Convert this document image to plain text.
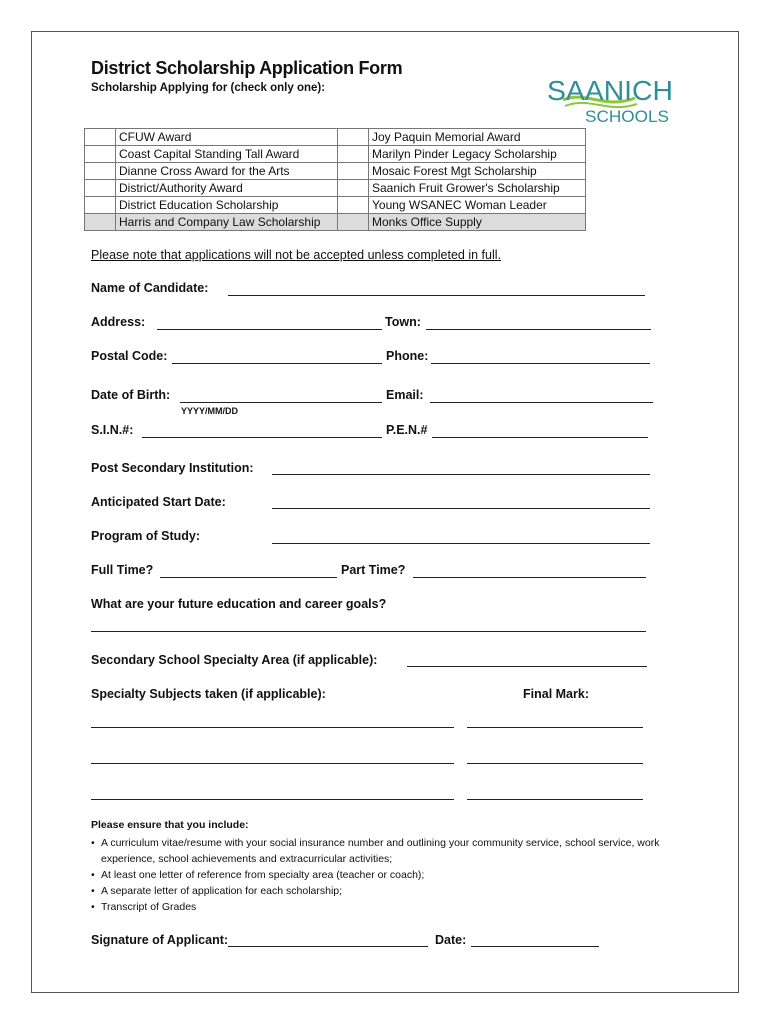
District Scholarship Application Form
Scholarship Applying for (check only one):	SAANICH
SCHOOLS
	CFUW Award		Joy Paquin Memorial Award
	Coast Capital Standing Tall Award		Marilyn Pinder Legacy Scholarship
	Dianne Cross Award for the Arts		Mosaic Forest Mgt Scholarship
	District/Authority Award		Saanich Fruit Grower's Scholarship
	District Education Scholarship		Young WSANEC Woman Leader
	Harris and Company Law Scholarship		Monks Office Supply
Please note that applications will not be accepted unless completed in full.
Name of Candidate:
Address:	Town:
Postal Code:	Phone:
Date of Birth:
YYYY/MM/DD
Email:
S.I.N.#:	P.E.N.#
Post Secondary Institution:
Anticipated Start Date:
Program of Study:
Full Time?	Part Time?
What are your future education and career goals?
Secondary School Specialty Area (if applicable):
Specialty Subjects taken (if applicable):	Final Mark:
Please ensure that you include:
• A curriculum vitae/resume with your social insurance number and outlining your community service, school service, work experience, school achievements and extracurricular activities;
• At least one letter of reference from specialty area (teacher or coach);
• A separate letter of application for each scholarship;
• Transcript of Grades
Signature of Applicant:	Date:
